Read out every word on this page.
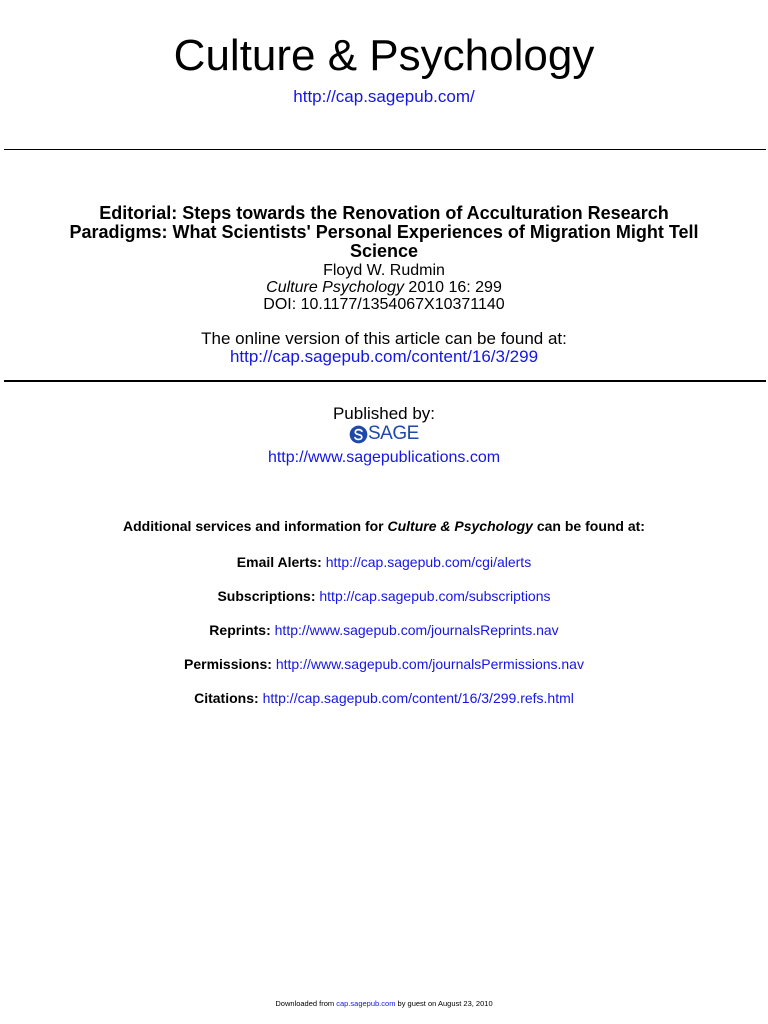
Culture & Psychology
http://cap.sagepub.com/
Editorial: Steps towards the Renovation of Acculturation Research
Paradigms: What Scientists' Personal Experiences of Migration Might Tell
Science
Floyd W. Rudmin
Culture Psychology 2010 16: 299
DOI: 10.1177/1354067X10371140
The online version of this article can be found at:
http://cap.sagepub.com/content/16/3/299
Published by:
SAGE
http://www.sagepublications.com
Additional services and information for Culture & Psychology can be found at:
Email Alerts: http://cap.sagepub.com/cgi/alerts
Subscriptions: http://cap.sagepub.com/subscriptions
Reprints: http://www.sagepub.com/journalsReprints.nav
Permissions: http://www.sagepub.com/journalsPermissions.nav
Citations: http://cap.sagepub.com/content/16/3/299.refs.html
Downloaded from cap.sagepub.com by guest on August 23, 2010
